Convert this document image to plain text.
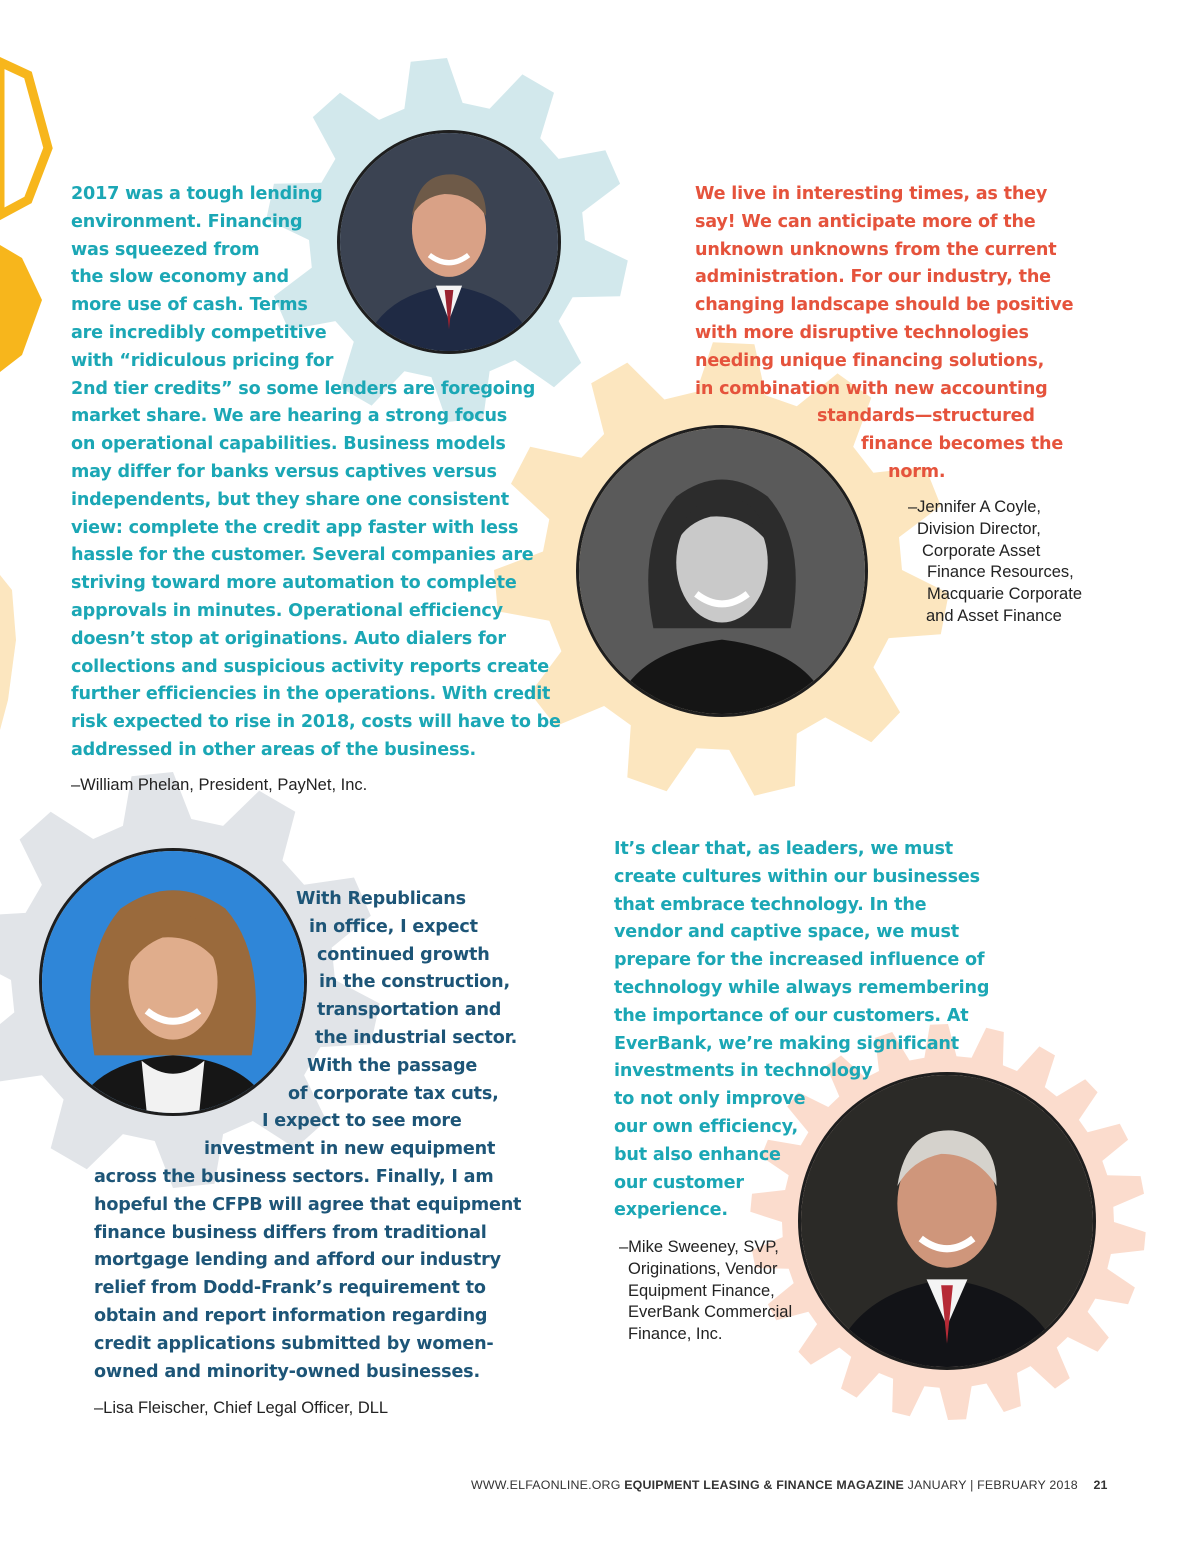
2017 was a tough lending
environment. Financing
was squeezed from
the slow economy and
more use of cash. Terms
are incredibly competitive
with “ridiculous pricing for
2nd tier credits” so some lenders are foregoing
market share. We are hearing a strong focus
on operational capabilities. Business models
may differ for banks versus captives versus
independents, but they share one consistent
view: complete the credit app faster with less
hassle for the customer. Several companies are
striving toward more automation to complete
approvals in minutes. Operational efficiency
doesn’t stop at originations. Auto dialers for
collections and suspicious activity reports create
further efficiencies in the operations. With credit
risk expected to rise in 2018, costs will have to be
addressed in other areas of the business.
–William Phelan, President, PayNet, Inc.
We live in interesting times, as they
say! We can anticipate more of the
unknown unknowns from the current
administration. For our industry, the
changing landscape should be positive
with more disruptive technologies
needing unique financing solutions,
in combination with new accounting
standards—structured
finance becomes the
norm.
–Jennifer A Coyle,
Division Director,
Corporate Asset
Finance Resources,
Macquarie Corporate
and Asset Finance
With Republicans
in office, I expect
continued growth
in the construction,
transportation and
the industrial sector.
With the passage
of corporate tax cuts,
I expect to see more
investment in new equipment
across the business sectors. Finally, I am
hopeful the CFPB will agree that equipment
finance business differs from traditional
mortgage lending and afford our industry
relief from Dodd-Frank’s requirement to
obtain and report information regarding
credit applications submitted by women-
owned and minority-owned businesses.
–Lisa Fleischer, Chief Legal Officer, DLL
It’s clear that, as leaders, we must
create cultures within our businesses
that embrace technology. In the
vendor and captive space, we must
prepare for the increased influence of
technology while always remembering
the importance of our customers. At
EverBank, we’re making significant
investments in technology
to not only improve
our own efficiency,
but also enhance
our customer
experience.
–Mike Sweeney, SVP,
Originations, Vendor
Equipment Finance,
EverBank Commercial
Finance, Inc.
WWW.ELFAONLINE.ORG EQUIPMENT LEASING & FINANCE MAGAZINE JANUARY | FEBRUARY 2018 21
